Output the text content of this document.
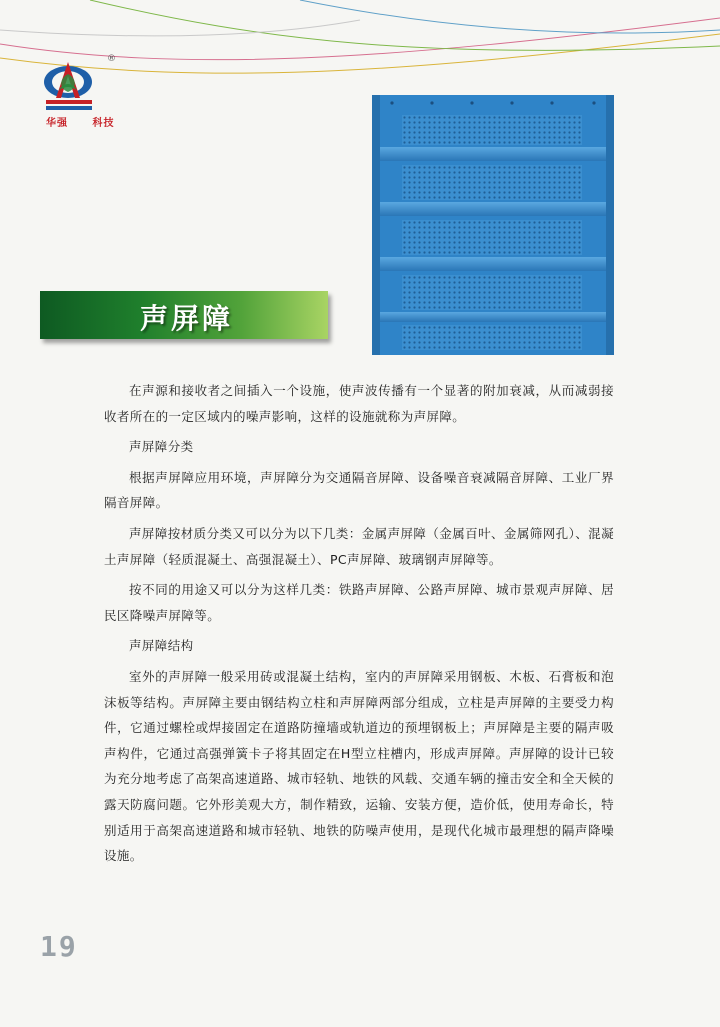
®
华强 科技
声屏障

在声源和接收者之间插入一个设施，使声波传播有一个显著的附加衰减，从而减弱接收者所在的一定区域内的噪声影响，这样的设施就称为声屏障。

声屏障分类

根据声屏障应用环境，声屏障分为交通隔音屏障、设备噪音衰减隔音屏障、工业厂界隔音屏障。

声屏障按材质分类又可以分为以下几类：金属声屏障（金属百叶、金属筛网孔）、混凝土声屏障（轻质混凝土、高强混凝土）、PC声屏障、玻璃钢声屏障等。

按不同的用途又可以分为这样几类：铁路声屏障、公路声屏障、城市景观声屏障、居民区降噪声屏障等。

声屏障结构

室外的声屏障一般采用砖或混凝土结构，室内的声屏障采用钢板、木板、石膏板和泡沫板等结构。声屏障主要由钢结构立柱和声屏障两部分组成，立柱是声屏障的主要受力构件，它通过螺栓或焊接固定在道路防撞墙或轨道边的预埋钢板上；声屏障是主要的隔声吸声构件，它通过高强弹簧卡子将其固定在H型立柱槽内，形成声屏障。声屏障的设计已较为充分地考虑了高架高速道路、城市轻轨、地铁的风载、交通车辆的撞击安全和全天候的露天防腐问题。它外形美观大方，制作精致，运输、安装方便，造价低，使用寿命长，特别适用于高架高速道路和城市轻轨、地铁的防噪声使用，是现代化城市最理想的隔声降噪设施。

19
